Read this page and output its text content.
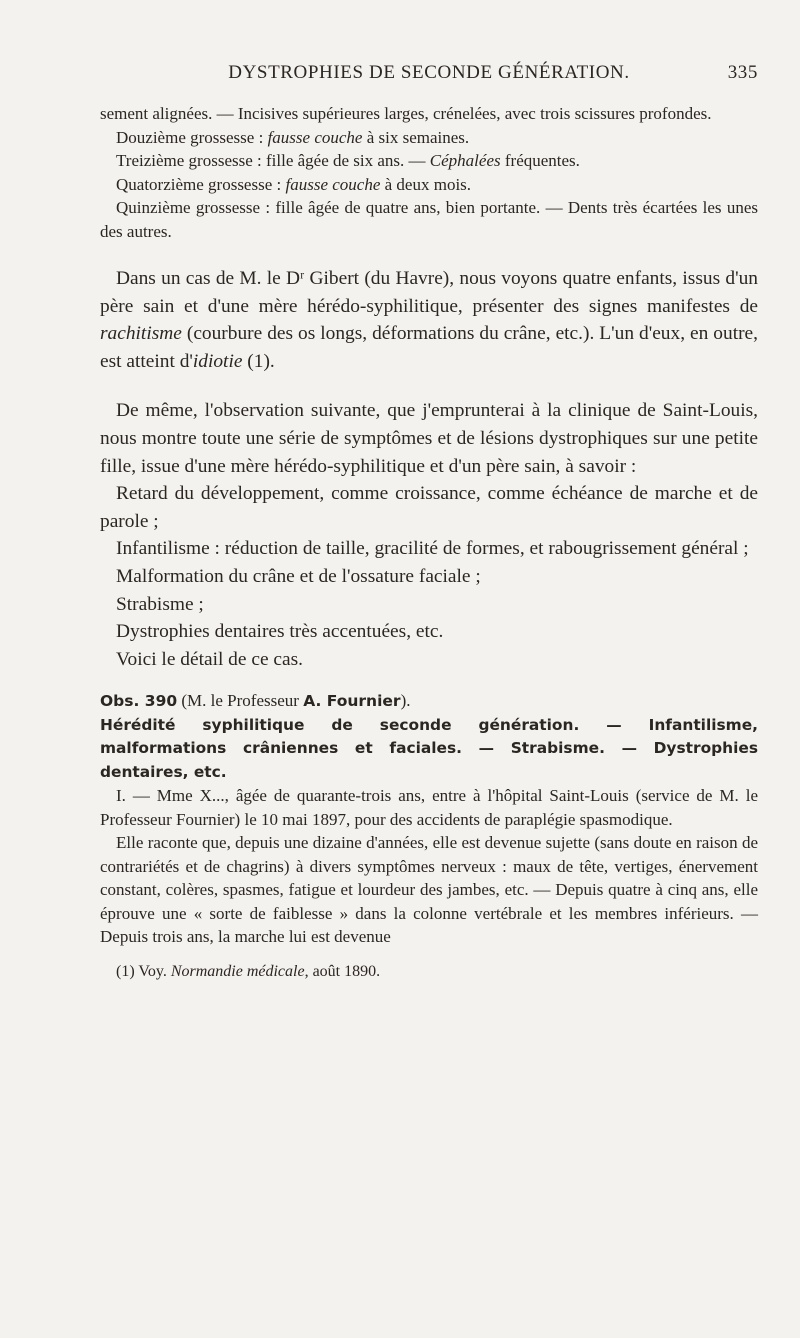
DYSTROPHIES DE SECONDE GÉNÉRATION.	335

sement alignées. — Incisives supérieures larges, crénelées, avec trois scissures profondes.

Douzième grossesse : fausse couche à six semaines.

Treizième grossesse : fille âgée de six ans. — Céphalées fréquentes.

Quatorzième grossesse : fausse couche à deux mois.

Quinzième grossesse : fille âgée de quatre ans, bien portante. — Dents très écartées les unes des autres.

Dans un cas de M. le Dʳ Gibert (du Havre), nous voyons quatre enfants, issus d'un père sain et d'une mère hérédo-syphilitique, présenter des signes manifestes de rachitisme (courbure des os longs, déformations du crâne, etc.). L'un d'eux, en outre, est atteint d'idiotie (1).

De même, l'observation suivante, que j'emprunterai à la clinique de Saint-Louis, nous montre toute une série de symptômes et de lésions dystrophiques sur une petite fille, issue d'une mère hérédo-syphilitique et d'un père sain, à savoir :

Retard du développement, comme croissance, comme échéance de marche et de parole ;

Infantilisme : réduction de taille, gracilité de formes, et rabougrissement général ;

Malformation du crâne et de l'ossature faciale ;

Strabisme ;

Dystrophies dentaires très accentuées, etc.

Voici le détail de ce cas.

Obs. 390 (M. le Professeur A. Fournier).

Hérédité syphilitique de seconde génération. — Infantilisme, malformations crâniennes et faciales. — Strabisme. — Dystrophies dentaires, etc.

I. — Mme X..., âgée de quarante-trois ans, entre à l'hôpital Saint-Louis (service de M. le Professeur Fournier) le 10 mai 1897, pour des accidents de paraplégie spasmodique.

Elle raconte que, depuis une dizaine d'années, elle est devenue sujette (sans doute en raison de contrariétés et de chagrins) à divers symptômes nerveux : maux de tête, vertiges, énervement constant, colères, spasmes, fatigue et lourdeur des jambes, etc. — Depuis quatre à cinq ans, elle éprouve une « sorte de faiblesse » dans la colonne vertébrale et les membres inférieurs. — Depuis trois ans, la marche lui est devenue

(1) Voy. Normandie médicale, août 1890.
